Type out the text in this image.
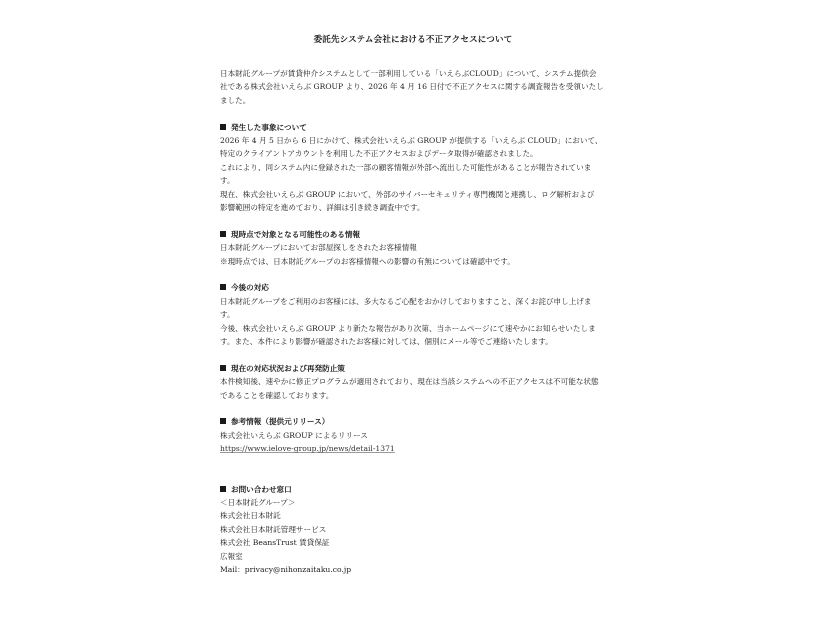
委託先システム会社における不正アクセスについて

日本財託グループが賃貸仲介システムとして一部利用している「いえらぶCLOUD」について、システム提供会

社である株式会社いえらぶ GROUP より、2026 年 4 月 16 日付で不正アクセスに関する調査報告を受領いたし

ました。

発生した事象について

2026 年 4 月 5 日から 6 日にかけて、株式会社いえらぶ GROUP が提供する「いえらぶ CLOUD」において、

特定のクライアントアカウントを利用した不正アクセスおよびデータ取得が確認されました。

これにより、同システム内に登録された一部の顧客情報が外部へ流出した可能性があることが報告されていま

す。

現在、株式会社いえらぶ GROUP において、外部のサイバーセキュリティ専門機関と連携し、ログ解析および

影響範囲の特定を進めており、詳細は引き続き調査中です。

現時点で対象となる可能性のある情報

日本財託グループにおいてお部屋探しをされたお客様情報

※現時点では、日本財託グループのお客様情報への影響の有無については確認中です。

今後の対応

日本財託グループをご利用のお客様には、多大なるご心配をおかけしておりますこと、深くお詫び申し上げま

す。

今後、株式会社いえらぶ GROUP より新たな報告があり次第、当ホームページにて速やかにお知らせいたしま

す。また、本件により影響が確認されたお客様に対しては、個別にメール等でご連絡いたします。

現在の対応状況および再発防止策

本件検知後、速やかに修正プログラムが適用されており、現在は当該システムへの不正アクセスは不可能な状態

であることを確認しております。

参考情報（提供元リリース）

株式会社いえらぶ GROUP によるリリース

https://www.ielove-group.jp/news/detail-1371

お問い合わせ窓口

＜日本財託グループ＞

株式会社日本財託

株式会社日本財託管理サービス

株式会社 BeansTrust 賃貸保証

広報室

Mail：privacy@nihonzaitaku.co.jp
